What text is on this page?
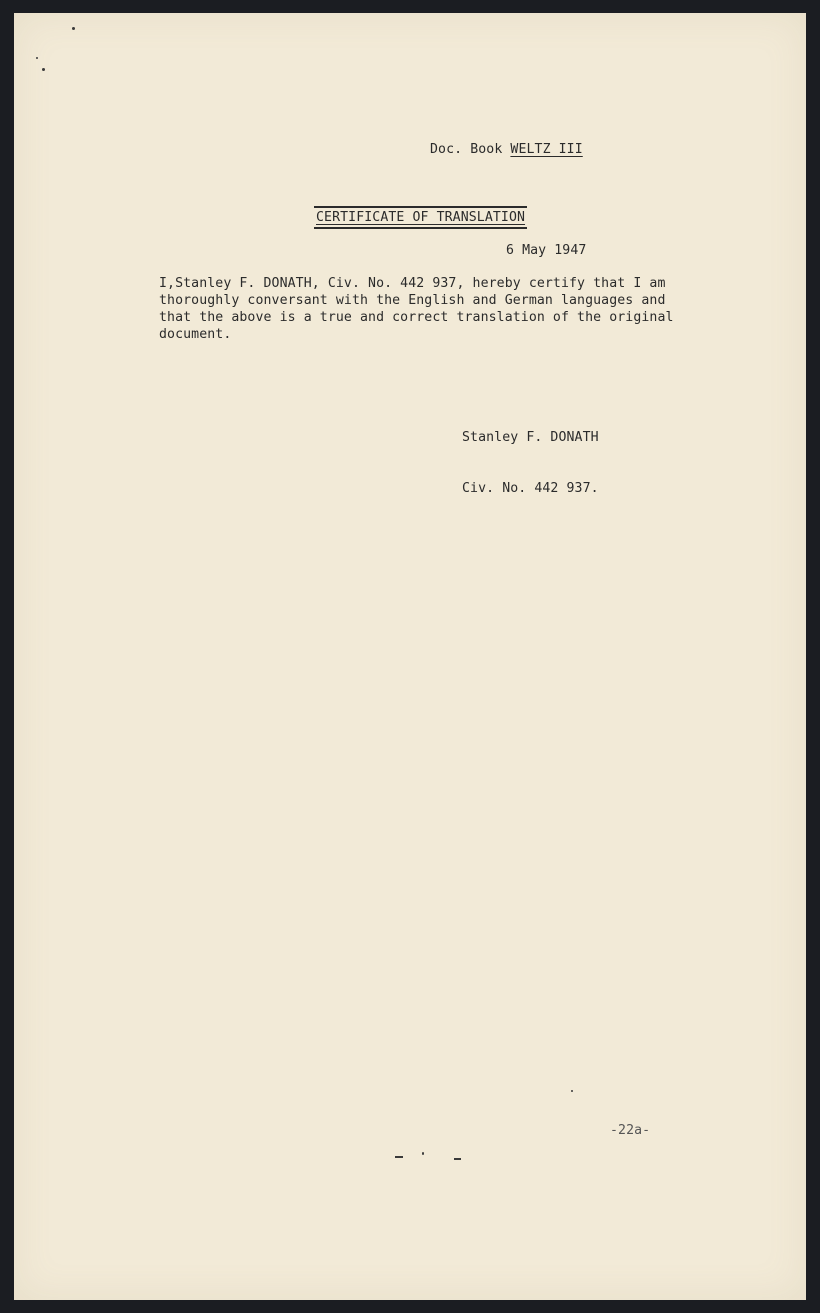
Doc. Book WELTZ III
CERTIFICATE OF TRANSLATION
6 May 1947
I,Stanley F. DONATH, Civ. No. 442 937, hereby certify that I am
thoroughly conversant with the English and German languages and
that the above is a true and correct translation of the original
document.

Stanley F. DONATH

Civ. No. 442 937.

-22a-
